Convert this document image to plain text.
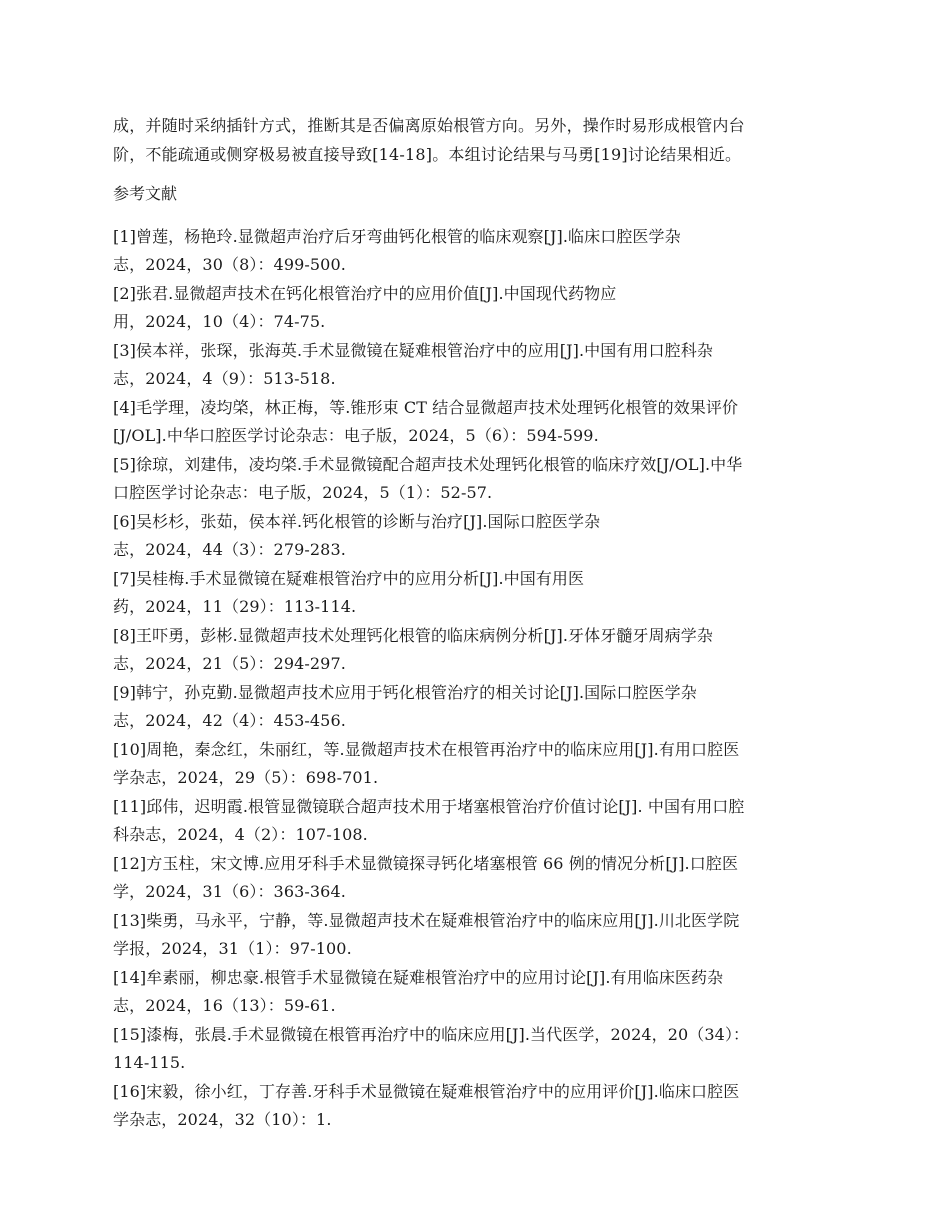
成，并随时采纳插针方式，推断其是否偏离原始根管方向。另外，操作时易形成根管内台
阶，不能疏通或侧穿极易被直接导致[14-18]。本组讨论结果与马勇[19]讨论结果相近。

参考文献

[1]曾莲，杨艳玲.显微超声治疗后牙弯曲钙化根管的临床观察[J].临床口腔医学杂
志，2024，30（8）：499-500.
[2]张君.显微超声技术在钙化根管治疗中的应用价值[J].中国现代药物应
用，2024，10（4）：74-75.
[3]侯本祥，张琛，张海英.手术显微镜在疑难根管治疗中的应用[J].中国有用口腔科杂
志，2024，4（9）：513-518.
[4]毛学理，凌均棨，林正梅，等.锥形束 CT 结合显微超声技术处理钙化根管的效果评价
[J/OL].中华口腔医学讨论杂志：电子版，2024，5（6）：594-599.
[5]徐琼，刘建伟，凌均棨.手术显微镜配合超声技术处理钙化根管的临床疗效[J/OL].中华
口腔医学讨论杂志：电子版，2024，5（1）：52-57.
[6]吴杉杉，张茹，侯本祥.钙化根管的诊断与治疗[J].国际口腔医学杂
志，2024，44（3）：279-283.
[7]吴桂梅.手术显微镜在疑难根管治疗中的应用分析[J].中国有用医
药，2024，11（29）：113-114.
[8]王吓勇，彭彬.显微超声技术处理钙化根管的临床病例分析[J].牙体牙髓牙周病学杂
志，2024，21（5）：294-297.
[9]韩宁，孙克勤.显微超声技术应用于钙化根管治疗的相关讨论[J].国际口腔医学杂
志，2024，42（4）：453-456.
[10]周艳，秦念红，朱丽红，等.显微超声技术在根管再治疗中的临床应用[J].有用口腔医
学杂志，2024，29（5）：698-701.
[11]邱伟，迟明霞.根管显微镜联合超声技术用于堵塞根管治疗价值讨论[J]. 中国有用口腔
科杂志，2024，4（2）：107-108.
[12]方玉柱，宋文博.应用牙科手术显微镜探寻钙化堵塞根管 66 例的情况分析[J].口腔医
学，2024，31（6）：363-364.
[13]柴勇，马永平，宁静，等.显微超声技术在疑难根管治疗中的临床应用[J].川北医学院
学报，2024，31（1）：97-100.
[14]牟素丽，柳忠豪.根管手术显微镜在疑难根管治疗中的应用讨论[J].有用临床医药杂
志，2024，16（13）：59-61.
[15]漆梅，张晨.手术显微镜在根管再治疗中的临床应用[J].当代医学，2024，20（34）：
114-115.
[16]宋毅，徐小红，丁存善.牙科手术显微镜在疑难根管治疗中的应用评价[J].临床口腔医
学杂志，2024，32（10）：1.
